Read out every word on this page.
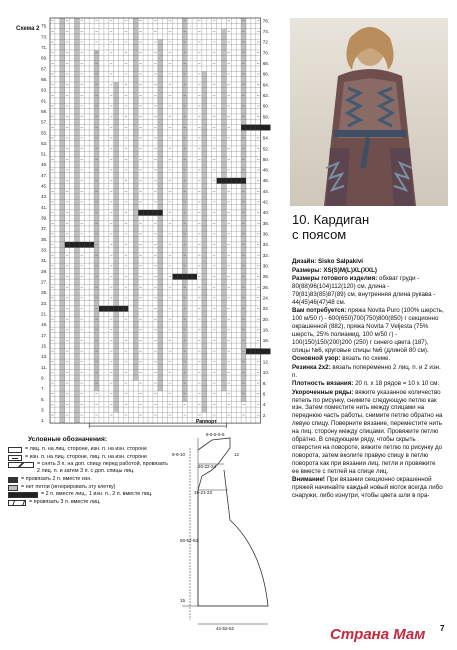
Схема 2 75.
73.
71.
69.
67.
65.
63.
61.
59.
57.
55.
53.
51.
49.
47.
45.
43.
41.
39.
37.
35.
33.
31.
29.
27.
25.
23.
21.
19.
17.
15.
13.
11.
9.
7.
5.
3.
1.
76.
74.
72.
70.
68.
66.
64.
62.
60.
58.
56.
54.
52.
50.
48.
46.
44.
42.
40.
38.
36.
34.
32.
30.
28.
26.
24.
22.
20.
18.
16.
14.
12.
10.
8.
6.
4.
2.
Раппорт
10. Кардиган
с поясом

Дизайн: Sisko Salpakivi

Размеры: XS(S)M(L)XL(XXL)

Размеры готового изделия: обхват груди - 80(88)96(104)112(120) см, длина - 79(81)83(85)87(89) см, внутренняя длина рукава - 44(45)46(47)48 см.

Вам потребуется: пряжа Novita Puro (100% шерсть, 100 м/50 г) - 600(650)700(750)800(850) г секционно окрашенной (882), пряжа Novita 7 Veljesta (75% шерсть, 25% полиамид, 100 м/50 г) - 100(150)150(200)200 (250) г синего цвета (187), спицы №6, круговые спицы №6 (длиной 80 см).

Основной узор: вязать по схеме.

Резинка 2х2: вязать попеременно 2 лиц. п. и 2 изн. п.

Плотность вязания: 20 п. x 18 рядов = 10 x 10 см.

Укороченные ряды: вяжите указанное количество петель по рисунку, снимите следующую петлю как изн. Затем поместите нить между спицами на переднюю часть работы, снимите петлю обратно на левую спицу. Поверните вязание, переместите нить на лиц. сторону между спицами. Провяжите петлю обратно. В следующем ряду, чтобы скрыть отверстия на повороте, вяжите петлю по рисунку до поворота, затем вколите правую спицу в петлю поворота как при вязании лиц. петли и провяжите ее вместе с петлей на спице лиц.

Внимание! При вязании секционно окрашенной пряжей начинайте каждый новый моток всегда либо снаружи, либо изнутри, чтобы цвета шли в пра-

Условные обозначения:
= лиц. п. на лиц. стороне, изн. п. на изн. стороне
= изн. п. на лиц. стороне, лиц. п. на изн. стороне
= снять 3 п. на доп. спицу перед работой, провязать 2 лиц. п. и затем 3 п. с доп. спицы лиц.
= провязать 2 п. вместе изн.
= нет петли (игнорировать эту клетку)
= 2 п. вместе лиц., 1 изн. п., 2 п. вместе лиц.
= провязать 3 п. вместе лиц.
8-5-5-5-5
12
9-9-10
20-22-24
19-21-23
50-52-53
15
42-52-52	Страна Мам 7
